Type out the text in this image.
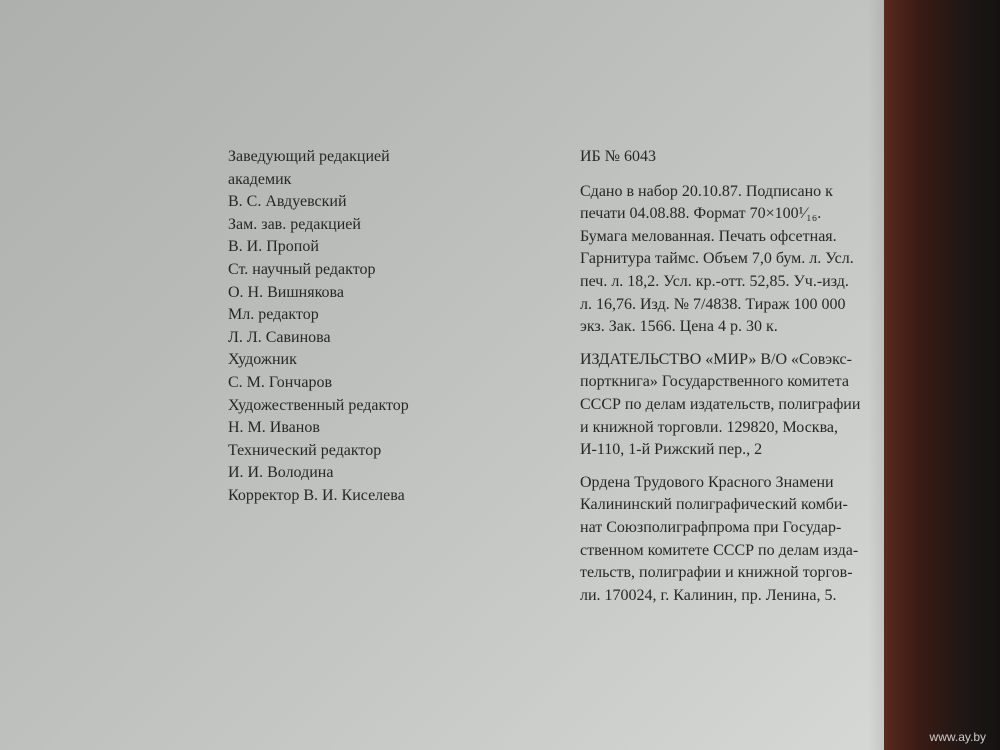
Заведующий редакцией
академик
В. С. Авдуевский
Зам. зав. редакцией
В. И. Пропой
Ст. научный редактор
О. Н. Вишнякова
Мл. редактор
Л. Л. Савинова
Художник
С. М. Гончаров
Художественный редактор
Н. М. Иванов
Технический редактор
И. И. Володина
Корректор В. И. Киселева
ИБ № 6043
Сдано в набор 20.10.87. Подписано к
печати 04.08.88. Формат 70×100¹⁄₁₆.
Бумага мелованная. Печать офсетная.
Гарнитура таймс. Объем 7,0 бум. л. Усл.
печ. л. 18,2. Усл. кр.-отт. 52,85. Уч.-изд.
л. 16,76. Изд. № 7/4838. Тираж 100 000
экз. Зак. 1566. Цена 4 р. 30 к.
ИЗДАТЕЛЬСТВО «МИР» В/О «Совэкс-
порткнига» Государственного комитета
СССР по делам издательств, полиграфии
и книжной торговли. 129820, Москва,
И-110, 1-й Рижский пер., 2
Ордена Трудового Красного Знамени
Калининский полиграфический комби-
нат Союзполиграфпрома при Государ-
ственном комитете СССР по делам изда-
тельств, полиграфии и книжной торгов-
ли. 170024, г. Калинин, пр. Ленина, 5.
www.ay.by
